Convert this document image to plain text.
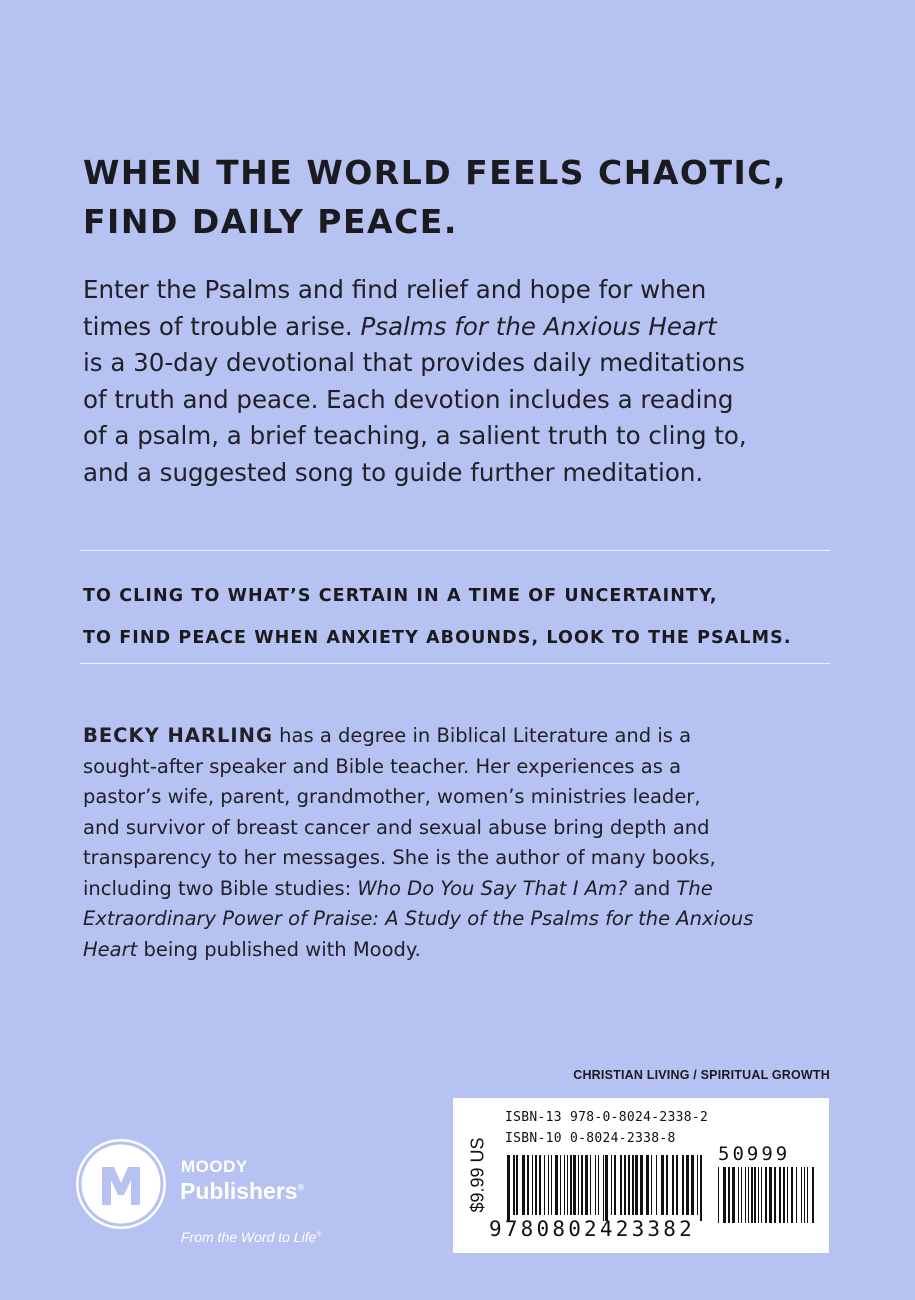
WHEN THE WORLD FEELS CHAOTIC,
FIND DAILY PEACE.

Enter the Psalms and find relief and hope for when
times of trouble arise. Psalms for the Anxious Heart
is a 30-day devotional that provides daily meditations
of truth and peace. Each devotion includes a reading
of a psalm, a brief teaching, a salient truth to cling to,
and a suggested song to guide further meditation.

TO CLING TO WHAT’S CERTAIN IN A TIME OF UNCERTAINTY,
TO FIND PEACE WHEN ANXIETY ABOUNDS, LOOK TO THE PSALMS.

BECKY HARLING has a degree in Biblical Literature and is a
sought-after speaker and Bible teacher. Her experiences as a
pastor’s wife, parent, grandmother, women’s ministries leader,
and survivor of breast cancer and sexual abuse bring depth and
transparency to her messages. She is the author of many books,
including two Bible studies: Who Do You Say That I Am? and The
Extraordinary Power of Praise: A Study of the Psalms for the Anxious
Heart being published with Moody.

CHRISTIAN LIVING / SPIRITUAL GROWTH
MOODY
Publishers®
From the Word to Life®
$9.99 US
ISBN-13 978-0-8024-2338-2
ISBN-10 0-8024-2338-8
50999
9780802423382
